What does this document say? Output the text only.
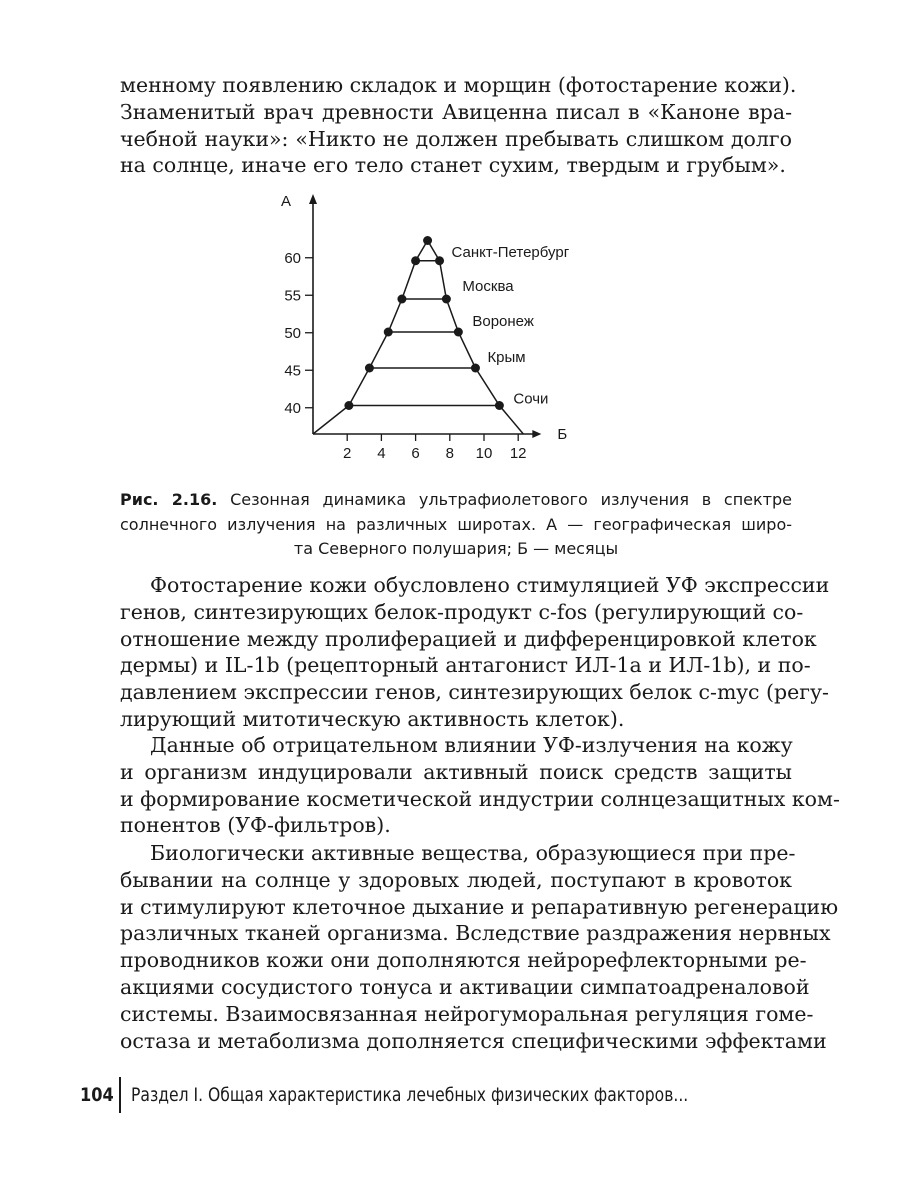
менному появлению складок и морщин (фотостарение кожи).
Знаменитый врач древности Авиценна писал в «Каноне вра-
чебной науки»: «Никто не должен пребывать слишком долго
на солнце, иначе его тело станет сухим, твердым и грубым».
А
Б
40
45
50
55
60
2 4 6 8 10 12
Сочи
Крым
Воронеж
Москва
Санкт-Петербург

Рис. 2.16. Сезонная динамика ультрафиолетового излучения в спектре
солнечного излучения на различных широтах. А — географическая широ-
та Северного полушария; Б — месяцы

Фотостарение кожи обусловлено стимуляцией УФ экспрессии
генов, синтезирующих белок-продукт c-fos (регулирующий со-
отношение между пролиферацией и дифференцировкой клеток
дермы) и IL-1b (рецепторный антагонист ИЛ-1a и ИЛ-1b), и по-
давлением экспрессии генов, синтезирующих белок c-myc (регу-
лирующий митотическую активность клеток).
Данные об отрицательном влиянии УФ-излучения на кожу
и организм индуцировали активный поиск средств защиты
и формирование косметической индустрии солнцезащитных ком-
понентов (УФ-фильтров).
Биологически активные вещества, образующиеся при пре-
бывании на солнце у здоровых людей, поступают в кровоток
и стимулируют клеточное дыхание и репаративную регенерацию
различных тканей организма. Вследствие раздражения нервных
проводников кожи они дополняются нейрорефлекторными ре-
акциями сосудистого тонуса и активации симпатоадреналовой
системы. Взаимосвязанная нейрогуморальная регуляция гоме-
остаза и метаболизма дополняется специфическими эффектами
104 Раздел I. Общая характеристика лечебных физических факторов...
